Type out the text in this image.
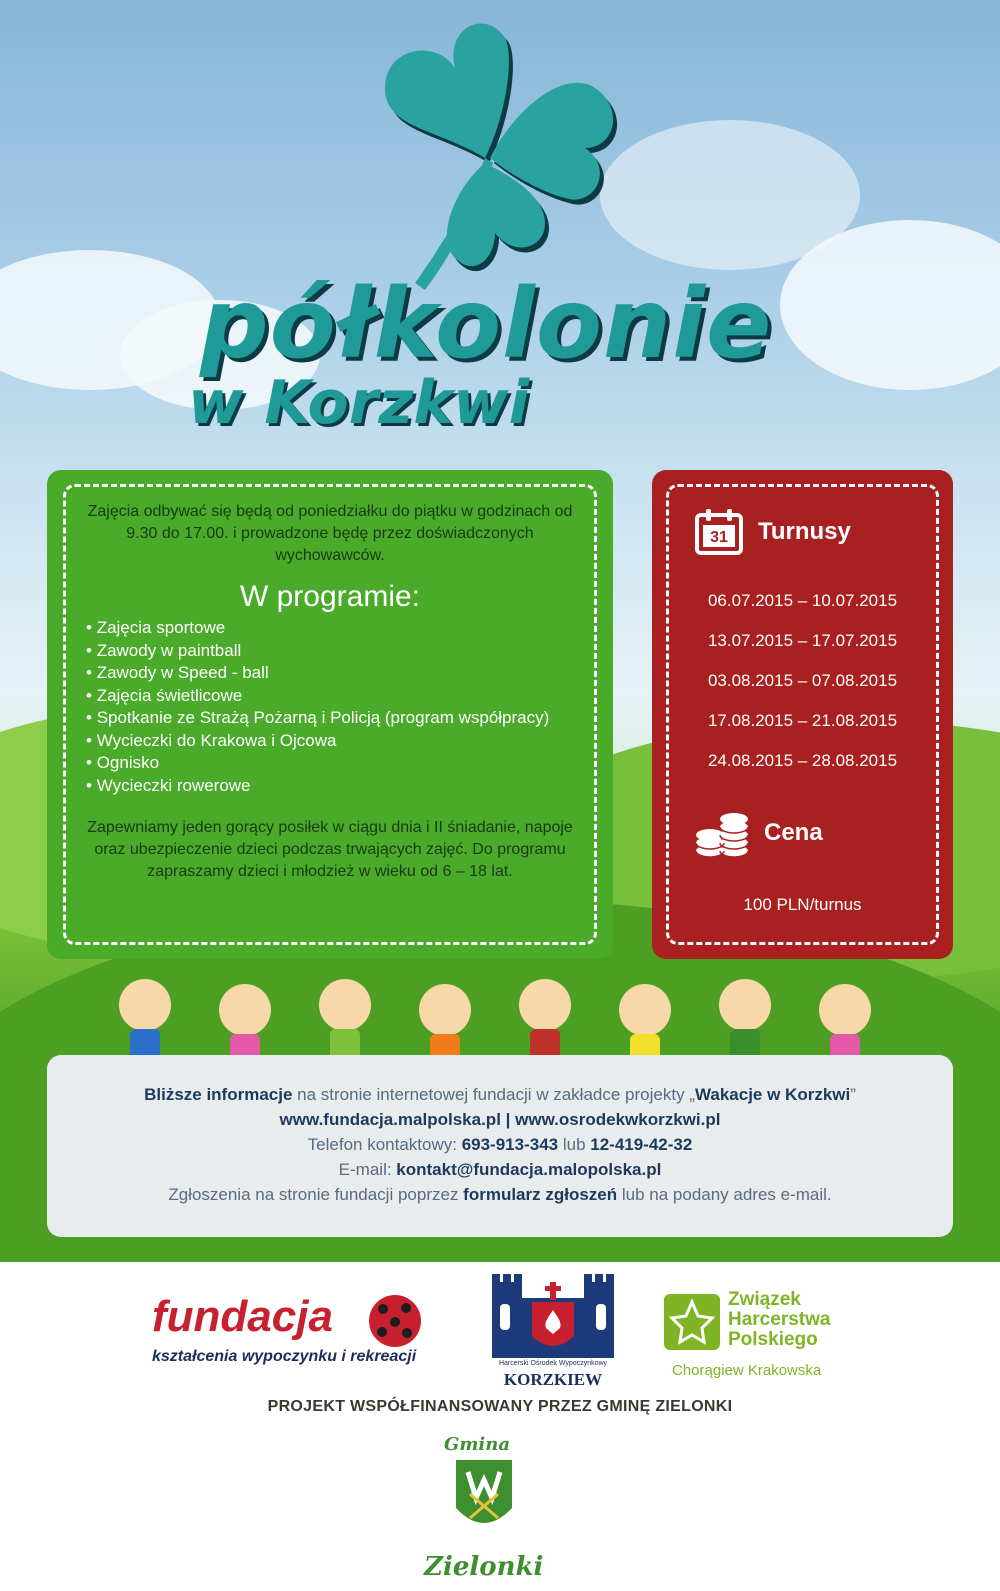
półkolonie
w Korzkwi

Zajęcia odbywać się będą od poniedziałku do piątku w godzinach od 9.30 do 17.00. i prowadzone będę przez doświadczonych wychowawców.

W programie:
• Zajęcia sportowe
• Zawody w paintball
• Zawody w Speed - ball
• Zajęcia świetlicowe
• Spotkanie ze Strażą Pożarną i Policją (program współpracy)
• Wycieczki do Krakowa i Ojcowa
• Ognisko
• Wycieczki rowerowe

Zapewniamy jeden gorący posiłek w ciągu dnia i II śniadanie, napoje oraz ubezpieczenie dzieci podczas trwających zajęć. Do programu zapraszamy dzieci i młodzież w wieku od 6 – 18 lat.

31 Turnusy
06.07.2015 – 10.07.2015
13.07.2015 – 17.07.2015
03.08.2015 – 07.08.2015
17.08.2015 – 21.08.2015
24.08.2015 – 28.08.2015
Cena
100 PLN/turnus
Bliższe informacje na stronie internetowej fundacji w zakładce projekty „Wakacje w Korzkwi”
www.fundacja.malpolska.pl | www.osrodekwkorzkwi.pl
Telefon kontaktowy: 693-913-343 lub 12-419-42-32
E-mail: kontakt@fundacja.malopolska.pl
Zgłoszenia na stronie fundacji poprzez formularz zgłoszeń lub na podany adres e-mail.
fundacja
kształcenia wypoczynku i rekreacji	Harcerski Ośrodek Wypoczynkowy
KORZKIEW
Związek Harcerstwa Polskiego
Chorągiew Krakowska
PROJEKT WSPÓŁFINANSOWANY PRZEZ GMINĘ ZIELONKI
Gmina
Zielonki
